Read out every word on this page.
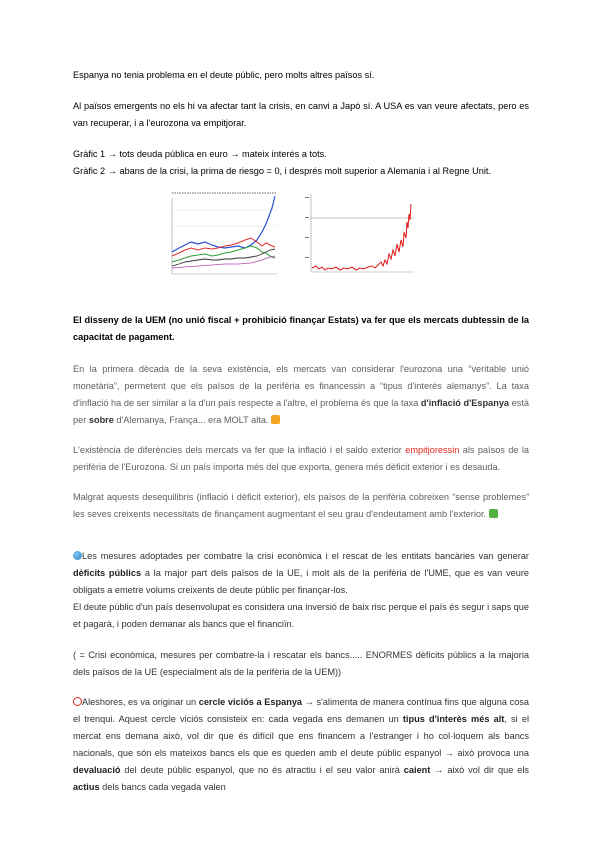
Espanya no tenia problema en el deute públic, pero molts altres països sí.

Al països emergents no els hi va afectar tant la crisis, en canvi a Japó sí. A USA es van veure afectats, pero es van recuperar, i a l'eurozona va empitjorar.

Gràfic 1 → tots deuda pública en euro → mateix interés a tots.

Gràfic 2 → abans de la crisi, la prima de riesgo = 0, i després molt superior a Alemania i al Regne Unit.

El disseny de la UEM (no unió fiscal + prohibició finançar Estats) va fer que els mercats dubtessin de la capacitat de pagament.

En la primera dècada de la seva existència, els mercats van considerar l'eurozona una “veritable unió monetària”, permetent que els països de la perifèria es financessin a “tipus d'interès alemanys”. La taxa d'inflació ha de ser similar a la d'un país respecte a l'altre, el problema és que la taxa d'inflació d'Espanya està per sobre d'Alemanya, França... era MOLT alta.

L'existència de diferències dels mercats va fer que la inflació i el saldo exterior empitjoressin als països de la perifèria de l'Eurozona. Si un país importa més del que exporta, genera més dèficit exterior i es desauda.

Malgrat aquests desequilibris (inflació i dèficit exterior), els països de la perifèria cobreixen “sense problemes” les seves creixents necessitats de finançament augmentant el seu grau d'endeutament amb l'exterior.

Les mesures adoptades per combatre la crisi econòmica i el rescat de les entitats bancàries van generar dèficits públics a la major part dels països de la UE, i molt als de la perifèria de l'UME, que es van veure obligats a emetre volums creixents de deute públic per finançar-los.

El deute públic d'un país desenvolupat es considera una inversió de baix risc perque el país és segur i saps que et pagarà, i poden demanar als bancs que el financiïn.

( = Crisi econòmica, mesures per combatre-la i rescatar els bancs..... ENORMES dèficits públics a la majoria dels països de la UE (especialment als de la perifèria de la UEM))

Aleshores, es va originar un cercle viciós a Espanya → s'alimenta de manera contínua fins que alguna cosa el trenqui. Aquest cercle viciós consisteix en: cada vegada ens demanen un tipus d'interès més alt, si el mercat ens demana això, vol dir que és difícil que ens financem a l'estranger i ho col·loquem als bancs nacionals, que són els mateixos bancs els que es queden amb el deute públic espanyol → això provoca una devaluació del deute públic espanyol, que no és atractiu i el seu valor anirà caient → això vol dir que els actius dels bancs cada vegada valen
